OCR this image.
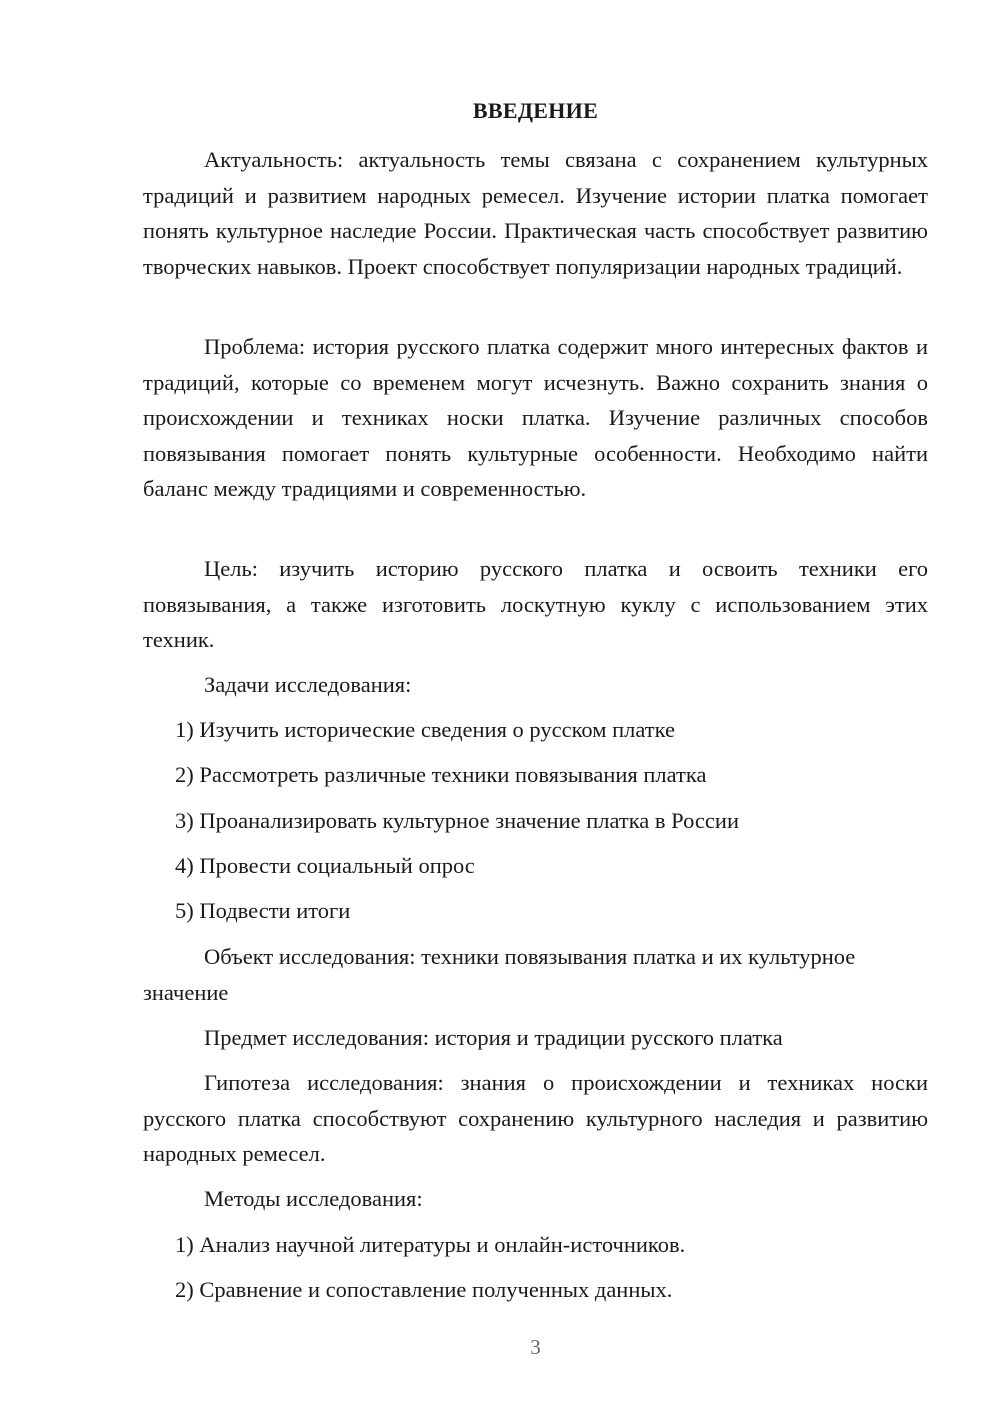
ВВЕДЕНИЕ

Актуальность: актуальность темы связана с сохранением культурных традиций и развитием народных ремесел. Изучение истории платка помогает понять культурное наследие России. Практическая часть способствует развитию творческих навыков. Проект способствует популяризации народных традиций.

Проблема: история русского платка содержит много интересных фактов и традиций, которые со временем могут исчезнуть. Важно сохранить знания о происхождении и техниках носки платка. Изучение различных способов повязывания помогает понять культурные особенности. Необходимо найти баланс между традициями и современностью.

Цель: изучить историю русского платка и освоить техники его повязывания, а также изготовить лоскутную куклу с использованием этих техник.

Задачи исследования:

1) Изучить исторические сведения о русском платке

2) Рассмотреть различные техники повязывания платка

3) Проанализировать культурное значение платка в России

4) Провести социальный опрос

5) Подвести итоги

Объект исследования: техники повязывания платка и их культурное значение

Предмет исследования: история и традиции русского платка

Гипотеза исследования: знания о происхождении и техниках носки русского платка способствуют сохранению культурного наследия и развитию народных ремесел.

Методы исследования:

1) Анализ научной литературы и онлайн-источников.

2) Сравнение и сопоставление полученных данных.

3
